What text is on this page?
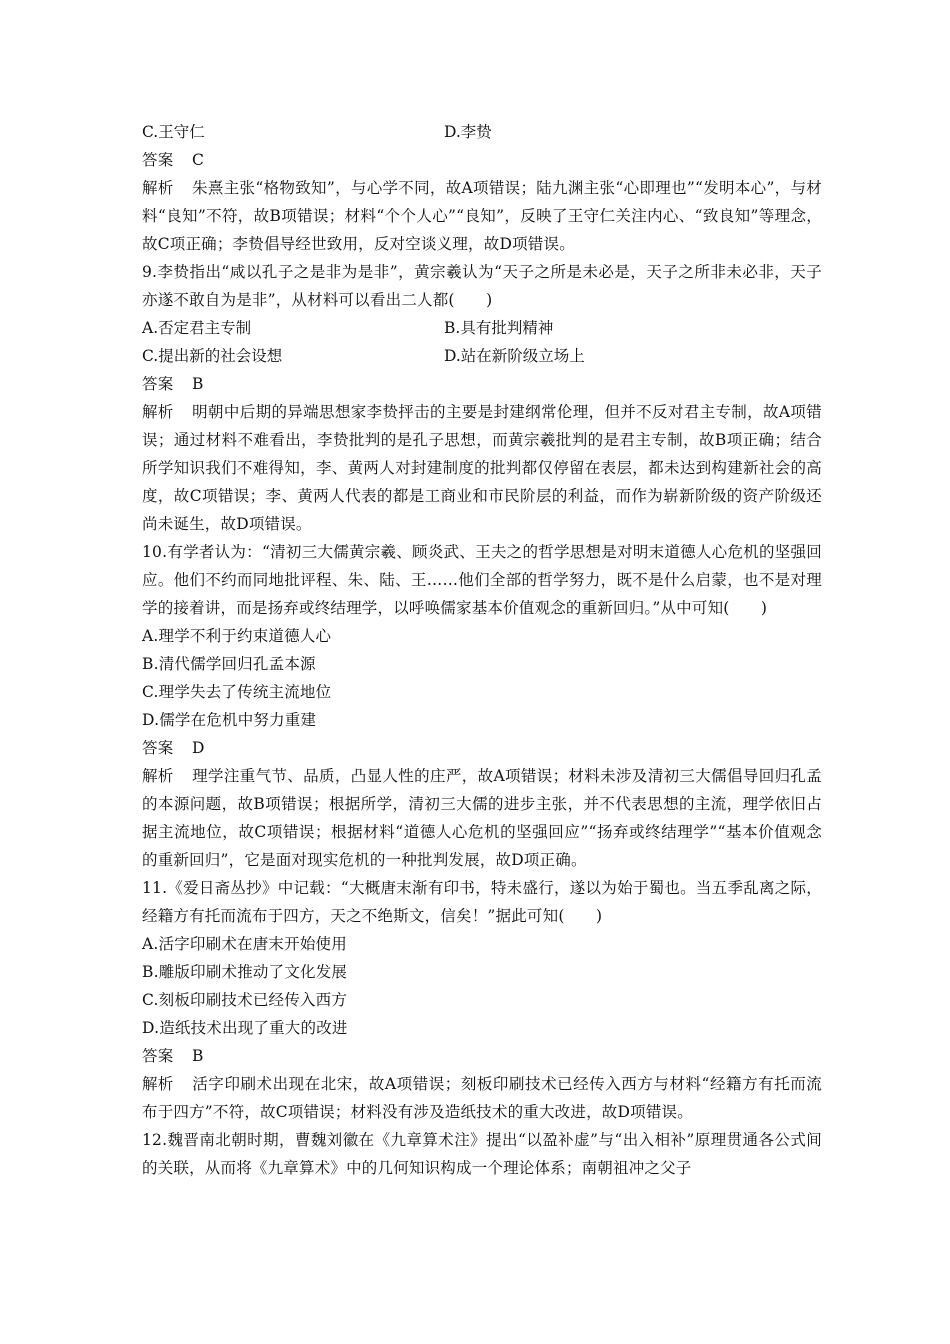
C.王守仁	D.李贽
答案 C

解析 朱熹主张“格物致知”，与心学不同，故A项错误；陆九渊主张“心即理也”“发明本心”，与材料“良知”不符，故B项错误；材料“个个人心”“良知”，反映了王守仁关注内心、“致良知”等理念，故C项正确；李贽倡导经世致用，反对空谈义理，故D项错误。

9.李贽指出“咸以孔子之是非为是非”，黄宗羲认为“天子之所是未必是，天子之所非未必非，天子亦遂不敢自为是非”，从材料可以看出二人都(　　)

A.否定君主专制	B.具有批判精神
C.提出新的社会设想	D.站在新阶级立场上
答案 B

解析 明朝中后期的异端思想家李贽抨击的主要是封建纲常伦理，但并不反对君主专制，故A项错误；通过材料不难看出，李贽批判的是孔子思想，而黄宗羲批判的是君主专制，故B项正确；结合所学知识我们不难得知，李、黄两人对封建制度的批判都仅停留在表层，都未达到构建新社会的高度，故C项错误；李、黄两人代表的都是工商业和市民阶层的利益，而作为崭新阶级的资产阶级还尚未诞生，故D项错误。

10.有学者认为：“清初三大儒黄宗羲、顾炎武、王夫之的哲学思想是对明末道德人心危机的坚强回应。他们不约而同地批评程、朱、陆、王……他们全部的哲学努力，既不是什么启蒙，也不是对理学的接着讲，而是扬弃或终结理学，以呼唤儒家基本价值观念的重新回归。”从中可知(　　)

A.理学不利于约束道德人心
B.清代儒学回归孔孟本源
C.理学失去了传统主流地位
D.儒学在危机中努力重建
答案 D

解析 理学注重气节、品质，凸显人性的庄严，故A项错误；材料未涉及清初三大儒倡导回归孔孟的本源问题，故B项错误；根据所学，清初三大儒的进步主张，并不代表思想的主流，理学依旧占据主流地位，故C项错误；根据材料“道德人心危机的坚强回应”“扬弃或终结理学”“基本价值观念的重新回归”，它是面对现实危机的一种批判发展，故D项正确。

11.《爱日斋丛抄》中记载：“大概唐末渐有印书，特未盛行，遂以为始于蜀也。当五季乱离之际，经籍方有托而流布于四方，天之不绝斯文，信矣！”据此可知(　　)

A.活字印刷术在唐末开始使用
B.雕版印刷术推动了文化发展
C.刻板印刷技术已经传入西方
D.造纸技术出现了重大的改进
答案 B

解析 活字印刷术出现在北宋，故A项错误；刻板印刷技术已经传入西方与材料“经籍方有托而流布于四方”不符，故C项错误；材料没有涉及造纸技术的重大改进，故D项错误。

12.魏晋南北朝时期，曹魏刘徽在《九章算术注》提出“以盈补虚”与“出入相补”原理贯通各公式间的关联，从而将《九章算术》中的几何知识构成一个理论体系；南朝祖冲之父子
